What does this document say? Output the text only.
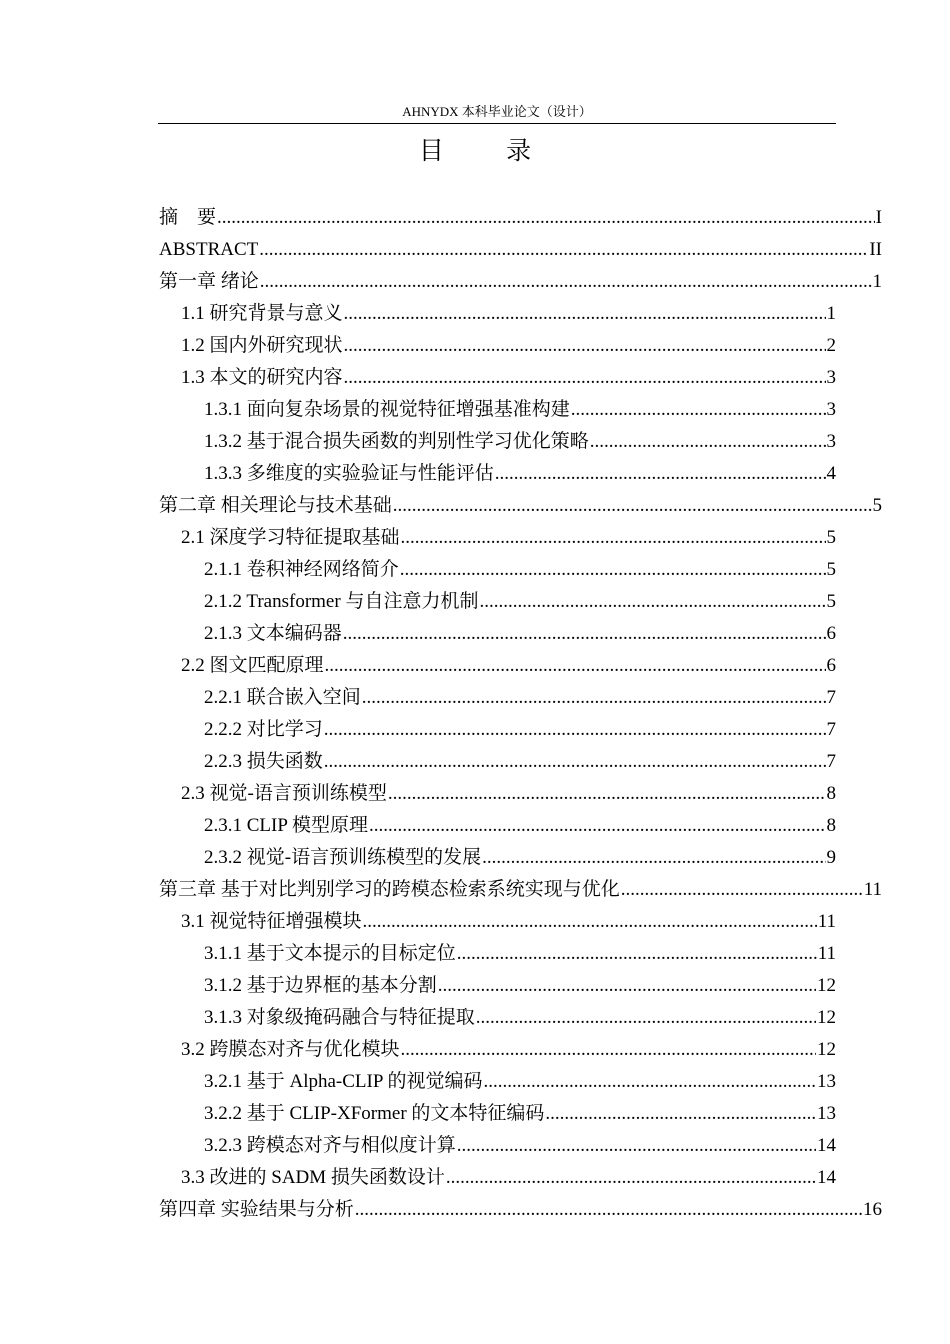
AHNYDX 本科毕业论文（设计）
目 录
摘　要 .....	I
ABSTRACT .....	II
第一章 绪论 .....	1
1.1 研究背景与意义 .....	1
1.2 国内外研究现状 .....	2
1.3 本文的研究内容 .....	3
1.3.1 面向复杂场景的视觉特征增强基准构建 .....	3
1.3.2 基于混合损失函数的判别性学习优化策略 .....	3
1.3.3 多维度的实验验证与性能评估 .....	4
第二章 相关理论与技术基础 .....	5
2.1 深度学习特征提取基础 .....	5
2.1.1 卷积神经网络简介 .....	5
2.1.2 Transformer 与自注意力机制 .....	5
2.1.3 文本编码器 .....	6
2.2 图文匹配原理 .....	6
2.2.1 联合嵌入空间 .....	7
2.2.2 对比学习 .....	7
2.2.3 损失函数 .....	7
2.3 视觉-语言预训练模型 .....	8
2.3.1 CLIP 模型原理 .....	8
2.3.2 视觉-语言预训练模型的发展 .....	9
第三章 基于对比判别学习的跨模态检索系统实现与优化 .....	11
3.1 视觉特征增强模块 .....	11
3.1.1 基于文本提示的目标定位 .....	11
3.1.2 基于边界框的基本分割 .....	12
3.1.3 对象级掩码融合与特征提取 .....	12
3.2 跨膜态对齐与优化模块 .....	12
3.2.1 基于 Alpha-CLIP 的视觉编码 .....	13
3.2.2 基于 CLIP-XFormer 的文本特征编码 .....	13
3.2.3 跨模态对齐与相似度计算 .....	14
3.3 改进的 SADM 损失函数设计 .....	14
第四章 实验结果与分析 .....	16
